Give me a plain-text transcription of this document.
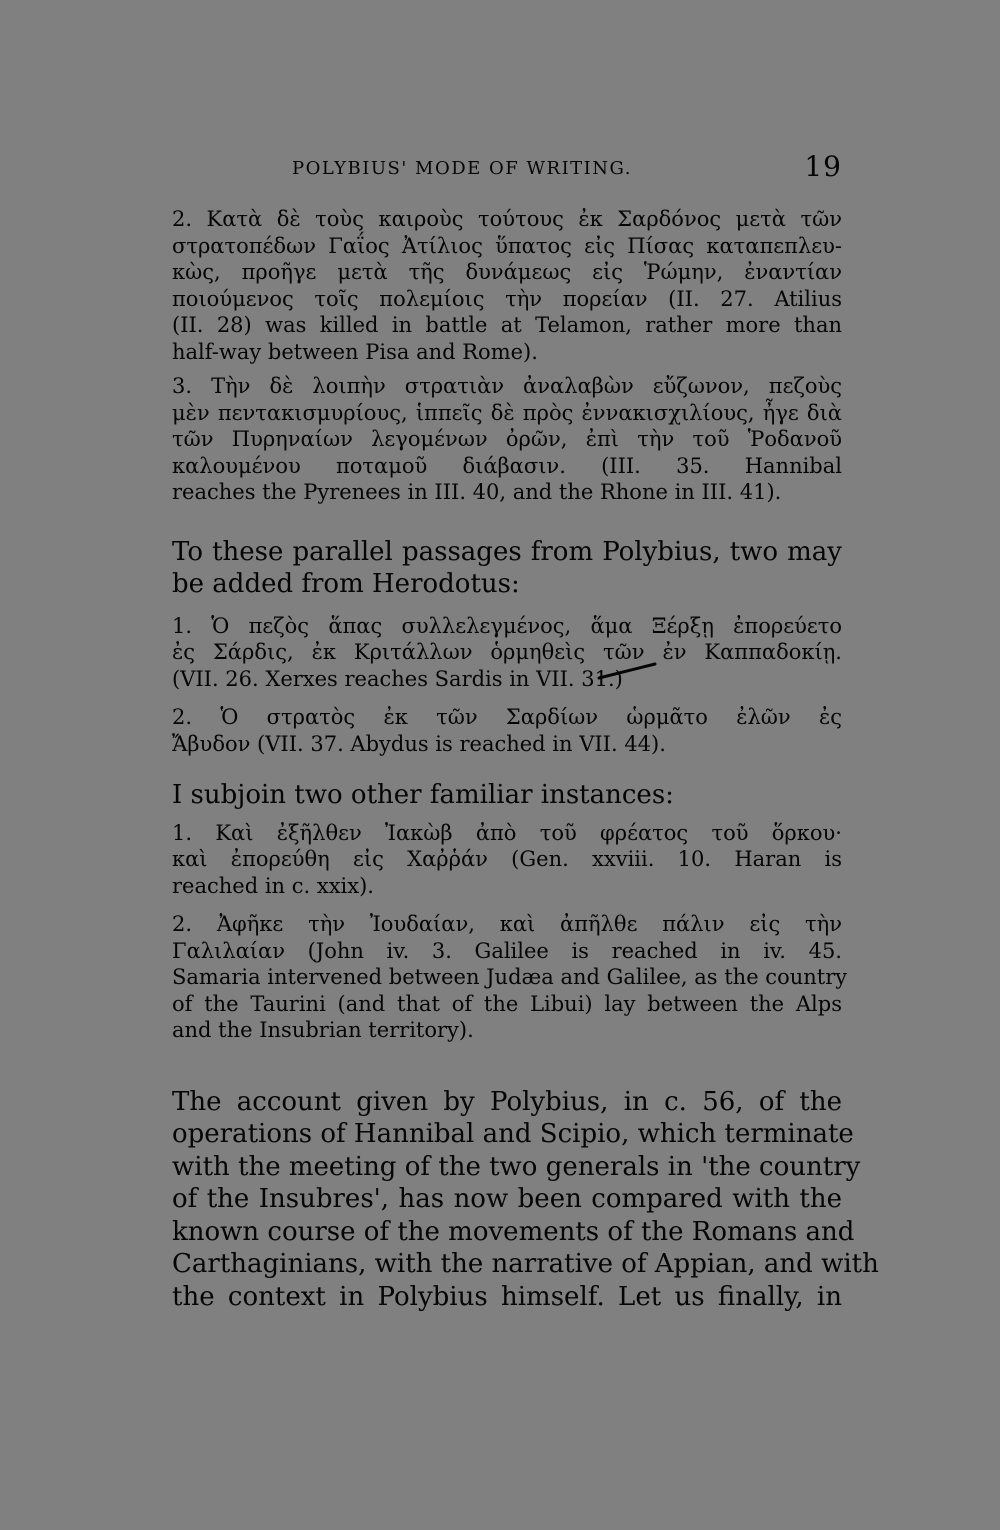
POLYBIUS' MODE OF WRITING.	19
2. Κατὰ δὲ τοὺς καιροὺς τούτους ἐκ Σαρδόνος μετὰ τῶν
στρατοπέδων Γαΐος Ἀτίλιος ὕπατος εἰς Πίσας καταπεπλευ-
κὼς, προῆγε μετὰ τῆς δυνάμεως εἰς Ῥώμην, ἐναντίαν
ποιούμενος τοῖς πολεμίοις τὴν πορείαν (II. 27. Atilius
(II. 28) was killed in battle at Telamon, rather more than
half-way between Pisa and Rome).
3. Τὴν δὲ λοιπὴν στρατιὰν ἀναλαβὼν εὔζωνον, πεζοὺς
μὲν πεντακισμυρίους, ἱππεῖς δὲ πρὸς ἐννακισχιλίους, ἦγε διὰ
τῶν Πυρηναίων λεγομένων ὀρῶν, ἐπὶ τὴν τοῦ Ῥοδανοῦ
καλουμένου ποταμοῦ διάβασιν. (III. 35. Hannibal
reaches the Pyrenees in III. 40, and the Rhone in III. 41).
To these parallel passages from Polybius, two may
be added from Herodotus:
1. Ὁ πεζὸς ἅπας συλλελεγμένος, ἅμα Ξέρξῃ ἐπορεύετο
ἐς Σάρδις, ἐκ Κριτάλλων ὁρμηθεὶς τῶν ἐν Καππαδοκίῃ.
(VII. 26. Xerxes reaches Sardis in VII. 31.)
2. Ὁ στρατὸς ἐκ τῶν Σαρδίων ὡρμᾶτο ἐλῶν ἐς
Ἄβυδον (VII. 37. Abydus is reached in VII. 44).
I subjoin two other familiar instances:
1. Καὶ ἐξῆλθεν Ἰακὼβ ἀπὸ τοῦ φρέατος τοῦ ὅρκου·
καὶ ἐπορεύθη εἰς Χαῤῥάν (Gen. xxviii. 10. Haran is
reached in c. xxix).
2. Ἀφῆκε τὴν Ἰουδαίαν, καὶ ἀπῆλθε πάλιν εἰς τὴν
Γαλιλαίαν (John iv. 3. Galilee is reached in iv. 45.
Samaria intervened between Judæa and Galilee, as the country
of the Taurini (and that of the Libui) lay between the Alps
and the Insubrian territory).
The account given by Polybius, in c. 56, of the
operations of Hannibal and Scipio, which terminate
with the meeting of the two generals in 'the country
of the Insubres', has now been compared with the
known course of the movements of the Romans and
Carthaginians, with the narrative of Appian, and with
the context in Polybius himself. Let us finally, in
